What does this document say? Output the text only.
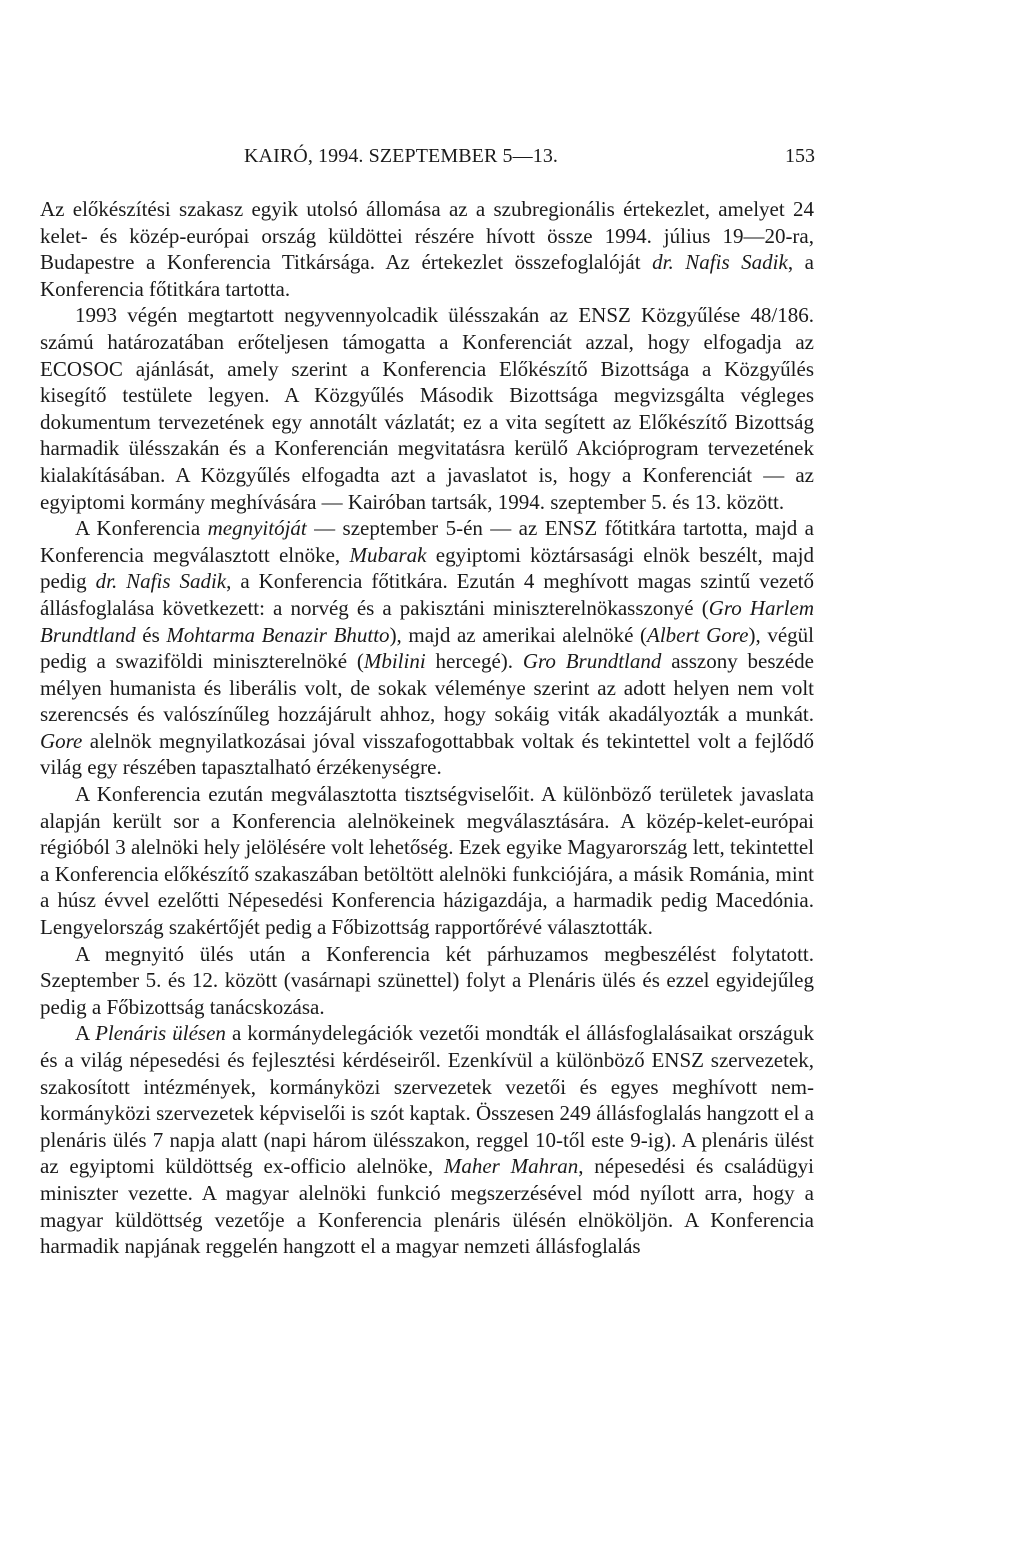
KAIRÓ, 1994. SZEPTEMBER 5—13.	153

Az előkészítési szakasz egyik utolsó állomása az a szubregionális értekezlet, amelyet 24 kelet- és közép-európai ország küldöttei részére hívott össze 1994. július 19—20-ra, Budapestre a Konferencia Titkársága. Az értekezlet összefoglalóját dr. Nafis Sadik, a Konferencia főtitkára tartotta.

1993 végén megtartott negyvennyolcadik ülésszakán az ENSZ Közgyűlése 48/186. számú határozatában erőteljesen támogatta a Konferenciát azzal, hogy elfogadja az ECOSOC ajánlását, amely szerint a Konferencia Előkészítő Bizottsága a Közgyűlés kisegítő testülete legyen. A Közgyűlés Második Bizottsága megvizsgálta végleges dokumentum tervezetének egy annotált vázlatát; ez a vita segített az Előkészítő Bizottság harmadik ülésszakán és a Konferencián megvitatásra kerülő Akcióprogram tervezetének kialakításában. A Közgyűlés elfogadta azt a javaslatot is, hogy a Konferenciát — az egyiptomi kormány meghívására — Kairóban tartsák, 1994. szeptember 5. és 13. között.

A Konferencia megnyitóját — szeptember 5-én — az ENSZ főtitkára tartotta, majd a Konferencia megválasztott elnöke, Mubarak egyiptomi köztársasági elnök beszélt, majd pedig dr. Nafis Sadik, a Konferencia főtitkára. Ezután 4 meghívott magas szintű vezető állásfoglalása következett: a norvég és a pakisztáni miniszterelnökasszonyé (Gro Harlem Brundtland és Mohtarma Benazir Bhutto), majd az amerikai alelnöké (Albert Gore), végül pedig a swaziföldi miniszterelnöké (Mbilini hercegé). Gro Brundtland asszony beszéde mélyen humanista és liberális volt, de sokak véleménye szerint az adott helyen nem volt szerencsés és valószínűleg hozzájárult ahhoz, hogy sokáig viták akadályozták a munkát. Gore alelnök megnyilatkozásai jóval visszafogottabbak voltak és tekintettel volt a fejlődő világ egy részében tapasztalható érzékenységre.

A Konferencia ezután megválasztotta tisztségviselőit. A különböző területek javaslata alapján került sor a Konferencia alelnökeinek megválasztására. A közép-kelet-európai régióból 3 alelnöki hely jelölésére volt lehetőség. Ezek egyike Magyarország lett, tekintettel a Konferencia előkészítő szakaszában betöltött alelnöki funkciójára, a másik Románia, mint a húsz évvel ezelőtti Népesedési Konferencia házigazdája, a harmadik pedig Macedónia. Lengyelország szakértőjét pedig a Főbizottság rapportőrévé választották.

A megnyitó ülés után a Konferencia két párhuzamos megbeszélést folytatott. Szeptember 5. és 12. között (vasárnapi szünettel) folyt a Plenáris ülés és ezzel egyidejűleg pedig a Főbizottság tanácskozása.

A Plenáris ülésen a kormánydelegációk vezetői mondták el állásfoglalásaikat országuk és a világ népesedési és fejlesztési kérdéseiről. Ezenkívül a különböző ENSZ szervezetek, szakosított intézmények, kormányközi szervezetek vezetői és egyes meghívott nem-kormányközi szervezetek képviselői is szót kaptak. Összesen 249 állásfoglalás hangzott el a plenáris ülés 7 napja alatt (napi három ülésszakon, reggel 10-től este 9-ig). A plenáris ülést az egyiptomi küldöttség ex-officio alelnöke, Maher Mahran, népesedési és családügyi miniszter vezette. A magyar alelnöki funkció megszerzésével mód nyílott arra, hogy a magyar küldöttség vezetője a Konferencia plenáris ülésén elnököljön. A Konferencia harmadik napjának reggelén hangzott el a magyar nemzeti állásfoglalás
